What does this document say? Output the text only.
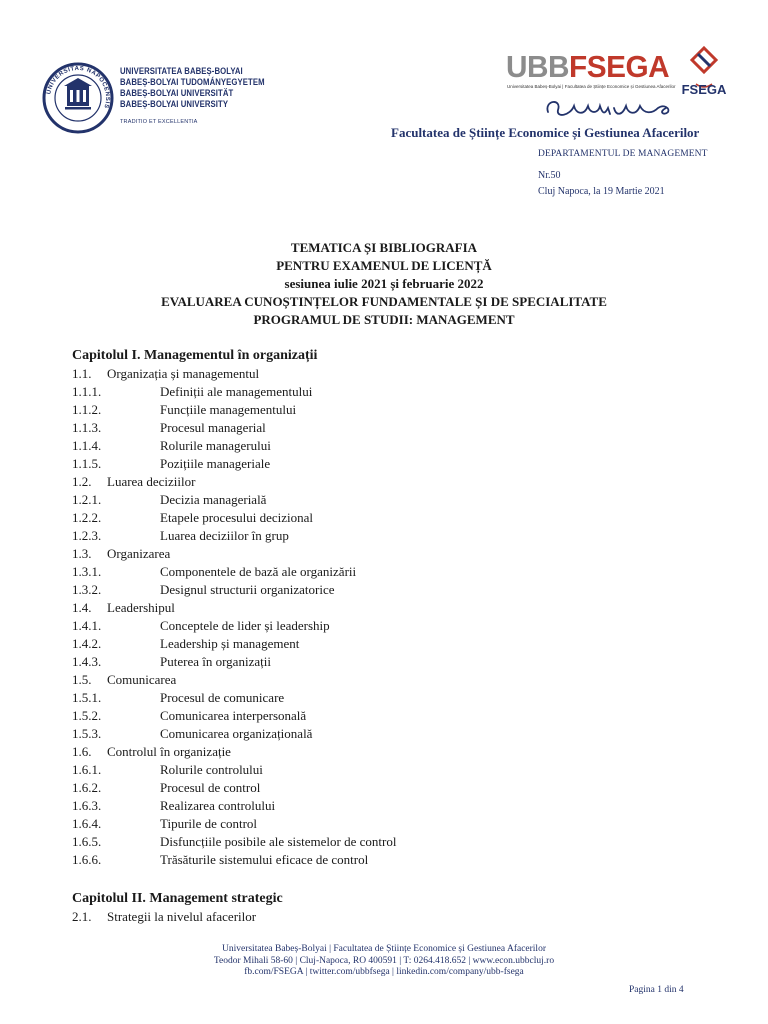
UNIVERSITAS NAPOCENSIS
UNIVERSITATEA BABEȘ-BOLYAI
BABEȘ-BOLYAI TUDOMÁNYEGYETEM
BABEȘ-BOLYAI UNIVERSITÄT
BABEȘ-BOLYAI UNIVERSITY
TRADITIO ET EXCELLENTIA
UBBFSEGA
Universitatea Babeș-Bolyai | Facultatea de Științe Economice și Gestiunea Afacerilor FSEGA
Facultatea de Științe Economice și Gestiunea Afacerilor
DEPARTAMENTUL DE MANAGEMENT
Nr.50
Cluj Napoca, la 19 Martie 2021
TEMATICA ȘI BIBLIOGRAFIA
PENTRU EXAMENUL DE LICENȚĂ
sesiunea iulie 2021 și februarie 2022
EVALUAREA CUNOȘTINȚELOR FUNDAMENTALE ȘI DE SPECIALITATE
PROGRAMUL DE STUDII: MANAGEMENT
Capitolul I. Managementul în organizații
1.1. Organizația și managementul
1.1.1.	Definiții ale managementului
1.1.2.	Funcțiile managementului
1.1.3.	Procesul managerial
1.1.4.	Rolurile managerului
1.1.5.	Pozițiile manageriale
1.2. Luarea deciziilor
1.2.1.	Decizia managerială
1.2.2.	Etapele procesului decizional
1.2.3.	Luarea deciziilor în grup
1.3. Organizarea
1.3.1.	Componentele de bază ale organizării
1.3.2.	Designul structurii organizatorice
1.4. Leadershipul
1.4.1.	Conceptele de lider și leadership
1.4.2.	Leadership și management
1.4.3.	Puterea în organizații
1.5. Comunicarea
1.5.1.	Procesul de comunicare
1.5.2.	Comunicarea interpersonală
1.5.3.	Comunicarea organizațională
1.6. Controlul în organizație
1.6.1.	Rolurile controlului
1.6.2.	Procesul de control
1.6.3.	Realizarea controlului
1.6.4.	Tipurile de control
1.6.5.	Disfuncțiile posibile ale sistemelor de control
1.6.6.	Trăsăturile sistemului eficace de control
Capitolul II. Management strategic
2.1. Strategii la nivelul afacerilor
Universitatea Babeș-Bolyai | Facultatea de Științe Economice și Gestiunea Afacerilor
Teodor Mihali 58-60 | Cluj-Napoca, RO 400591 | T: 0264.418.652 | www.econ.ubbcluj.ro
fb.com/FSEGA | twitter.com/ubbfsega | linkedin.com/company/ubb-fsega
Pagina 1 din 4
